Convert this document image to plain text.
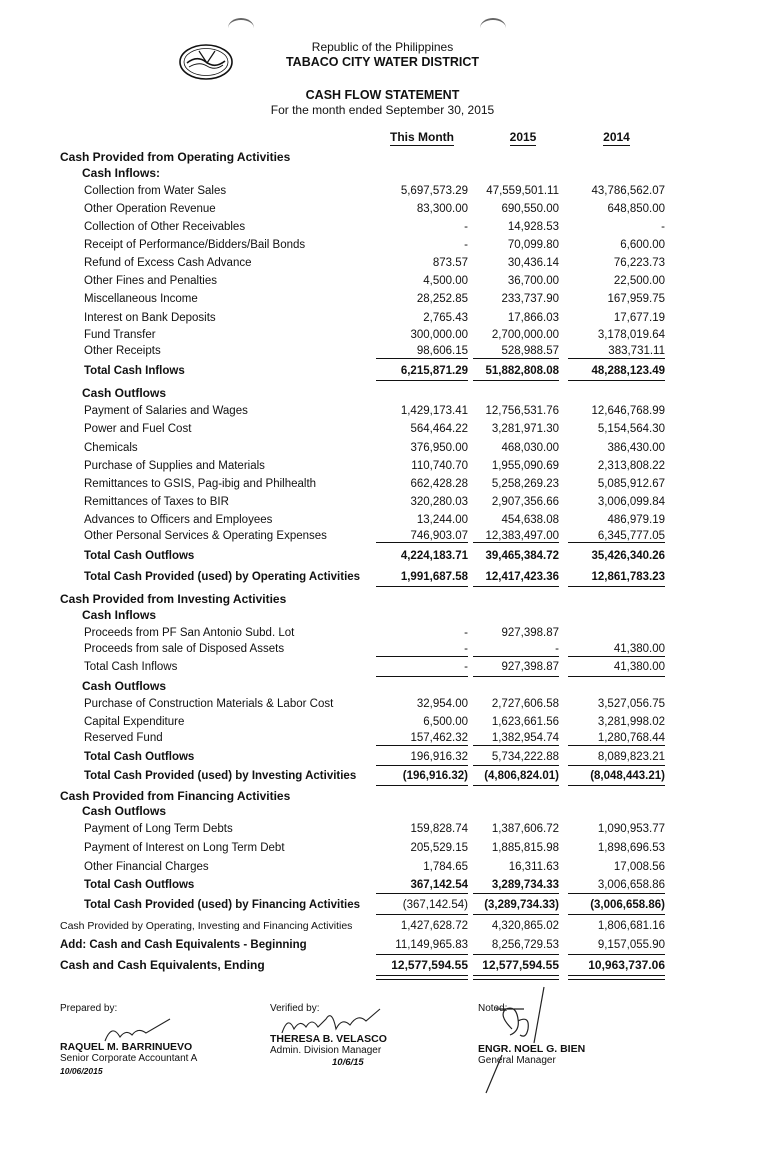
Republic of the Philippines
TABACO CITY WATER DISTRICT
CASH FLOW STATEMENT
For the month ended September 30, 2015
This Month	2015	2014
Cash Provided from Operating Activities
Cash Inflows:
Collection from Water Sales	5,697,573.29	47,559,501.11	43,786,562.07
Other Operation Revenue	83,300.00	690,550.00	648,850.00
Collection of Other Receivables	-	14,928.53	-
Receipt of Performance/Bidders/Bail Bonds	-	70,099.80	6,600.00
Refund of Excess Cash Advance	873.57	30,436.14	76,223.73
Other Fines and Penalties	4,500.00	36,700.00	22,500.00
Miscellaneous Income	28,252.85	233,737.90	167,959.75
Interest on Bank Deposits	2,765.43	17,866.03	17,677.19
Fund Transfer	300,000.00	2,700,000.00	3,178,019.64
Other Receipts	98,606.15	528,988.57	383,731.11
Total Cash Inflows	6,215,871.29	51,882,808.08	48,288,123.49
Cash Outflows
Payment of Salaries and Wages	1,429,173.41	12,756,531.76	12,646,768.99
Power and Fuel Cost	564,464.22	3,281,971.30	5,154,564.30
Chemicals	376,950.00	468,030.00	386,430.00
Purchase of Supplies and Materials	110,740.70	1,955,090.69	2,313,808.22
Remittances to GSIS, Pag-ibig and Philhealth	662,428.28	5,258,269.23	5,085,912.67
Remittances of Taxes to BIR	320,280.03	2,907,356.66	3,006,099.84
Advances to Officers and Employees	13,244.00	454,638.08	486,979.19
Other Personal Services & Operating Expenses	746,903.07	12,383,497.00	6,345,777.05
Total Cash Outflows	4,224,183.71	39,465,384.72	35,426,340.26
Total Cash Provided (used) by Operating Activities	1,991,687.58	12,417,423.36	12,861,783.23
Cash Provided from Investing Activities
Cash Inflows
Proceeds from PF San Antonio Subd. Lot	-	927,398.87
Proceeds from sale of Disposed Assets	-	-	41,380.00
Total Cash Inflows	-	927,398.87	41,380.00
Cash Outflows
Purchase of Construction Materials & Labor Cost	32,954.00	2,727,606.58	3,527,056.75
Capital Expenditure	6,500.00	1,623,661.56	3,281,998.02
Reserved Fund	157,462.32	1,382,954.74	1,280,768.44
Total Cash Outflows	196,916.32	5,734,222.88	8,089,823.21
Total Cash Provided (used) by Investing Activities	(196,916.32)	(4,806,824.01)	(8,048,443.21)
Cash Provided from Financing Activities
Cash Outflows
Payment of Long Term Debts	159,828.74	1,387,606.72	1,090,953.77
Payment of Interest on Long Term Debt	205,529.15	1,885,815.98	1,898,696.53
Other Financial Charges	1,784.65	16,311.63	17,008.56
Total Cash Outflows	367,142.54	3,289,734.33	3,006,658.86
Total Cash Provided (used) by Financing Activities	(367,142.54)	(3,289,734.33)	(3,006,658.86)
Cash Provided by Operating, Investing and Financing Activities	1,427,628.72	4,320,865.02	1,806,681.16
Add: Cash and Cash Equivalents - Beginning	11,149,965.83	8,256,729.53	9,157,055.90
Cash and Cash Equivalents, Ending	12,577,594.55	12,577,594.55	10,963,737.06
Prepared by:
RAQUEL M. BARRINUEVO
Senior Corporate Accountant A
10/06/2015
Verified by:
THERESA B. VELASCO
Admin. Division Manager
10/6/15
Noted:
ENGR. NOEL G. BIEN
General Manager
